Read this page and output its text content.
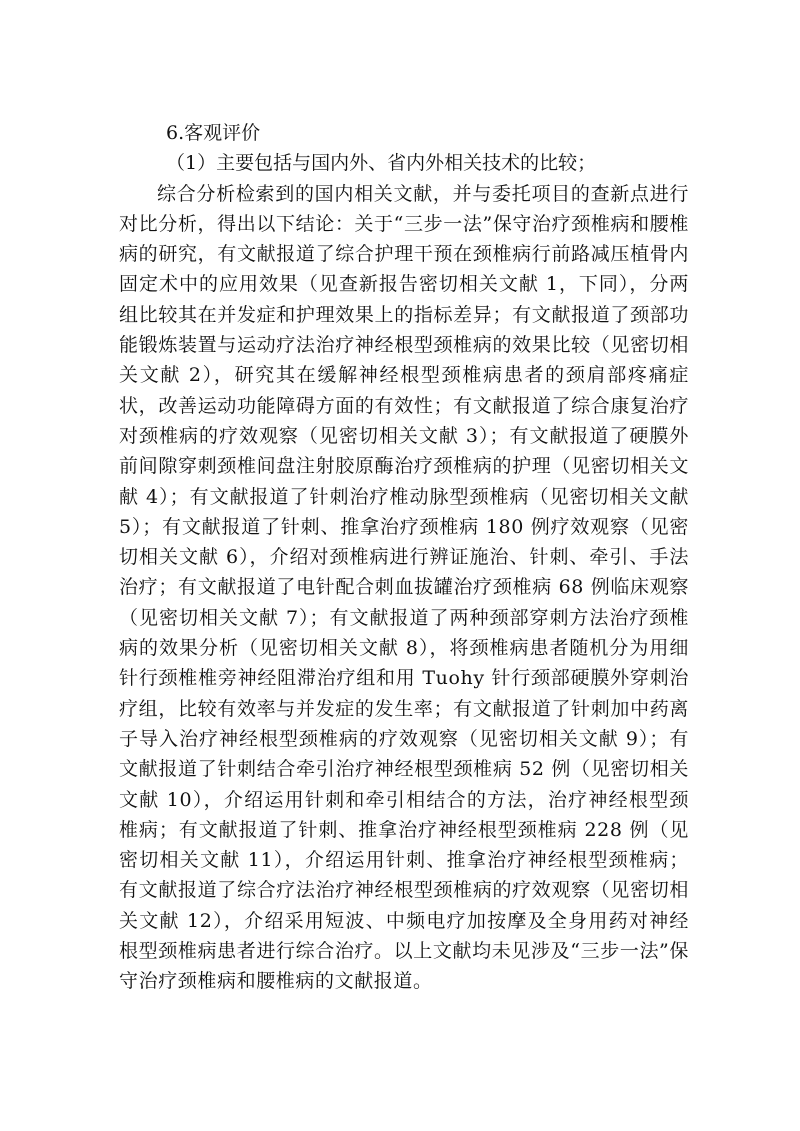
6.客观评价

（1）主要包括与国内外、省内外相关技术的比较；

综合分析检索到的国内相关文献，并与委托项目的查新点进行对比分析，得出以下结论：关于“三步一法”保守治疗颈椎病和腰椎病的研究，有文献报道了综合护理干预在颈椎病行前路减压植骨内固定术中的应用效果（见查新报告密切相关文献 1，下同），分两组比较其在并发症和护理效果上的指标差异；有文献报道了颈部功能锻炼装置与运动疗法治疗神经根型颈椎病的效果比较（见密切相关文献 2），研究其在缓解神经根型颈椎病患者的颈肩部疼痛症状，改善运动功能障碍方面的有效性；有文献报道了综合康复治疗对颈椎病的疗效观察（见密切相关文献 3）；有文献报道了硬膜外前间隙穿刺颈椎间盘注射胶原酶治疗颈椎病的护理（见密切相关文献 4）；有文献报道了针刺治疗椎动脉型颈椎病（见密切相关文献 5）；有文献报道了针刺、推拿治疗颈椎病 180 例疗效观察（见密切相关文献 6），介绍对颈椎病进行辨证施治、针刺、牵引、手法治疗；有文献报道了电针配合刺血拔罐治疗颈椎病 68 例临床观察（见密切相关文献 7）；有文献报道了两种颈部穿刺方法治疗颈椎病的效果分析（见密切相关文献 8），将颈椎病患者随机分为用细针行颈椎椎旁神经阻滞治疗组和用 Tuohy 针行颈部硬膜外穿刺治疗组，比较有效率与并发症的发生率；有文献报道了针刺加中药离子导入治疗神经根型颈椎病的疗效观察（见密切相关文献 9）；有文献报道了针刺结合牵引治疗神经根型颈椎病 52 例（见密切相关文献 10），介绍运用针刺和牵引相结合的方法，治疗神经根型颈椎病；有文献报道了针刺、推拿治疗神经根型颈椎病 228 例（见密切相关文献 11），介绍运用针刺、推拿治疗神经根型颈椎病；有文献报道了综合疗法治疗神经根型颈椎病的疗效观察（见密切相关文献 12），介绍采用短波、中频电疗加按摩及全身用药对神经根型颈椎病患者进行综合治疗。以上文献均未见涉及“三步一法”保守治疗颈椎病和腰椎病的文献报道。
